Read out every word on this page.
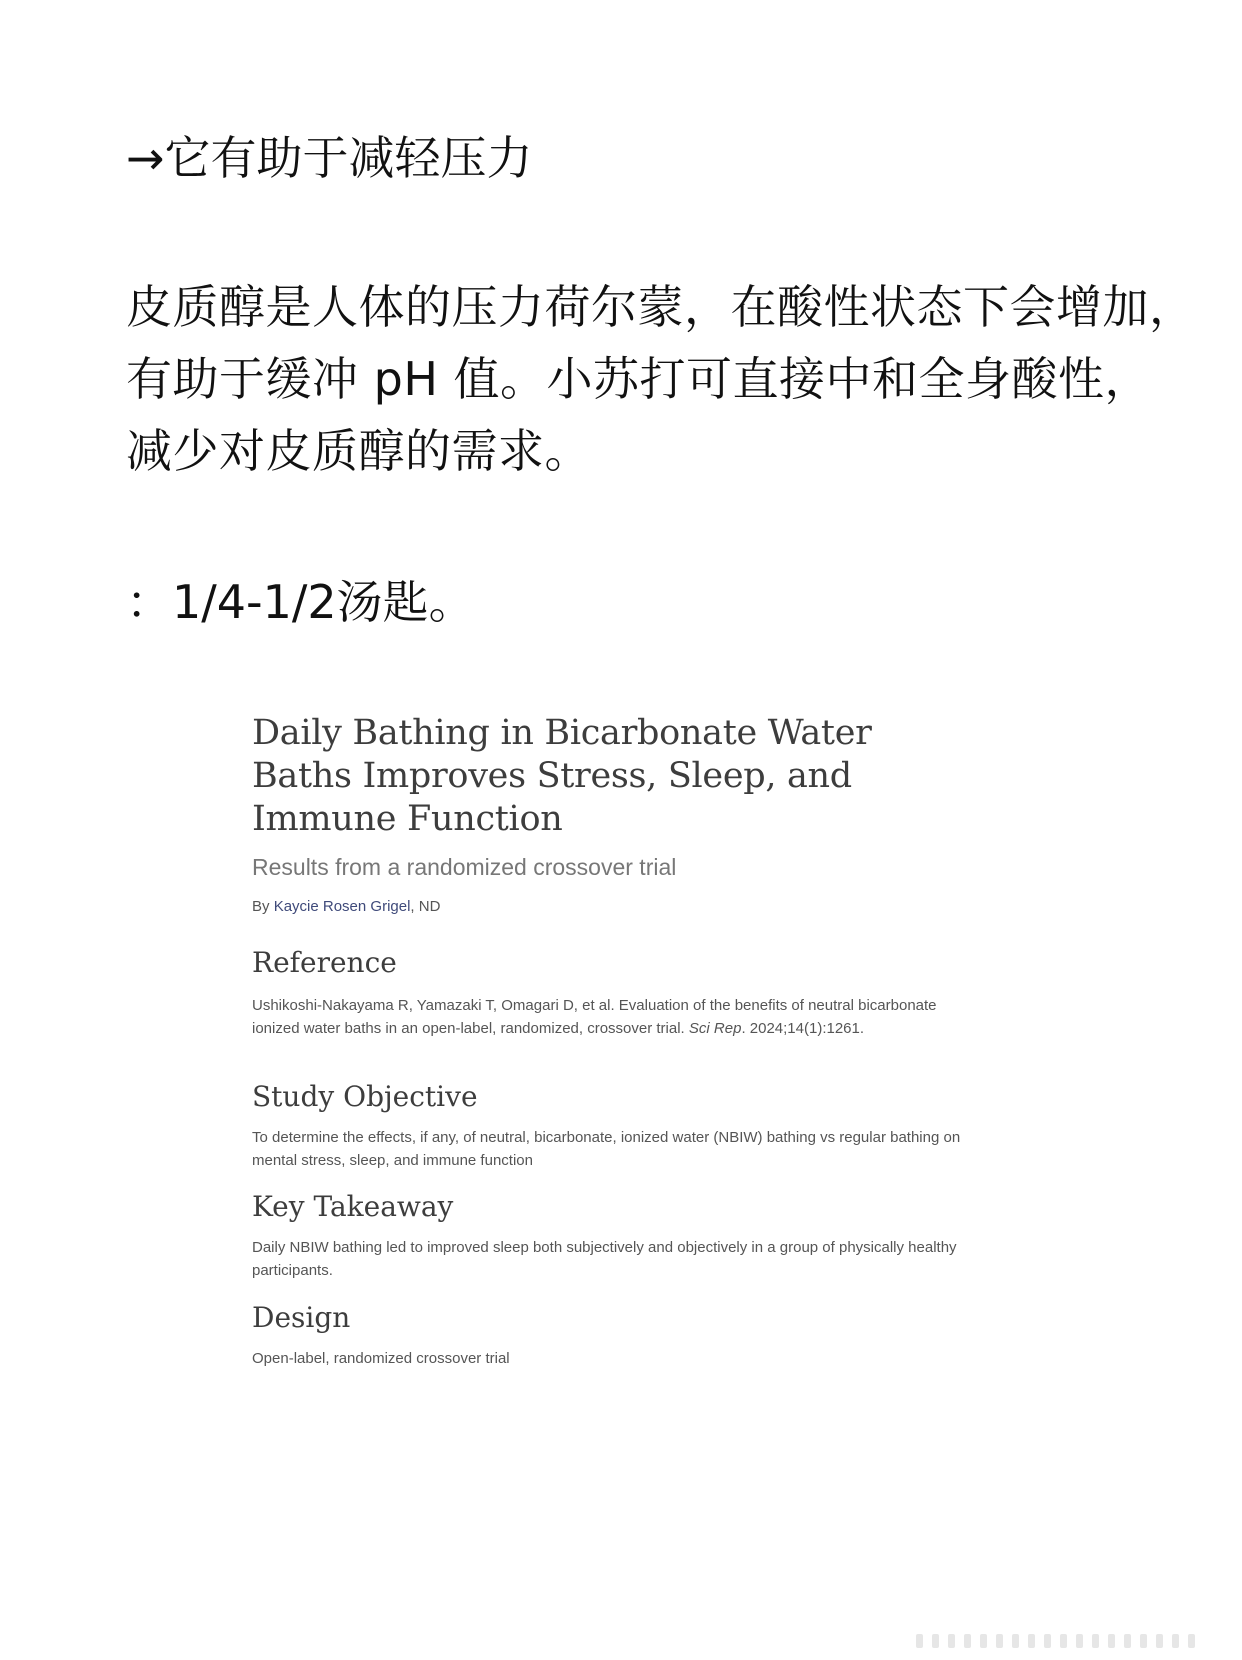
→它有助于减轻压力
皮质醇是人体的压力荷尔蒙，在酸性状态下会增加，有助于缓冲 pH 值。小苏打可直接中和全身酸性，减少对皮质醇的需求。
：1/4-1/2汤匙。
Daily Bathing in Bicarbonate Water Baths Improves Stress, Sleep, and Immune Function
Results from a randomized crossover trial

By Kaycie Rosen Grigel, ND

Reference

Ushikoshi-Nakayama R, Yamazaki T, Omagari D, et al. Evaluation of the benefits of neutral bicarbonate ionized water baths in an open-label, randomized, crossover trial. Sci Rep. 2024;14(1):1261.

Study Objective

To determine the effects, if any, of neutral, bicarbonate, ionized water (NBIW) bathing vs regular bathing on mental stress, sleep, and immune function

Key Takeaway

Daily NBIW bathing led to improved sleep both subjectively and objectively in a group of physically healthy participants.

Design

Open-label, randomized crossover trial
